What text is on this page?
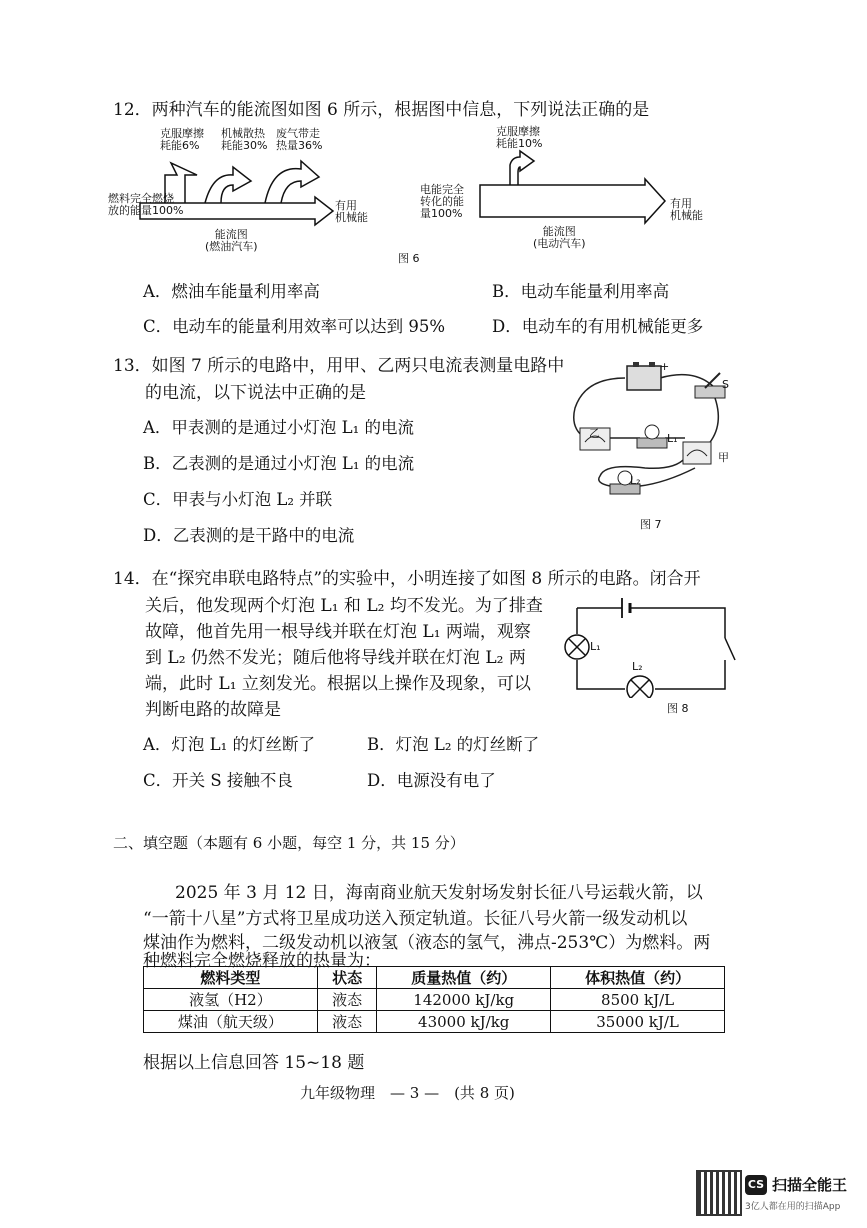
12．两种汽车的能流图如图 6 所示，根据图中信息，下列说法正确的是
克服摩擦
耗能6%
机械散热
耗能30%
废气带走
热量36%
燃料完全燃烧
放的能量100%	有用
机械能
能流图
(燃油汽车)
克服摩擦
耗能10%
电能完全
转化的能
量100%
有用
机械能
能流图
(电动汽车)
图 6
A．燃油车能量利用率高	B．电动车能量利用率高
C．电动车的能量利用效率可以达到 95%	D．电动车的有用机械能更多
13．如图 7 所示的电路中，用甲、乙两只电流表测量电路中
的电流，以下说法中正确的是
A．甲表测的是通过小灯泡 L₁ 的电流
B．乙表测的是通过小灯泡 L₁ 的电流
C．甲表与小灯泡 L₂ 并联
D．乙表测的是干路中的电流
+
S
乙	L₁
甲
L₂
图 7
14．在“探究串联电路特点”的实验中，小明连接了如图 8 所示的电路。闭合开
关后，他发现两个灯泡 L₁ 和 L₂ 均不发光。为了排查
故障，他首先用一根导线并联在灯泡 L₁ 两端，观察
到 L₂ 仍然不发光；随后他将导线并联在灯泡 L₂ 两
端，此时 L₁ 立刻发光。根据以上操作及现象，可以
判断电路的故障是
L₁
L₂
图 8
A．灯泡 L₁ 的灯丝断了	B．灯泡 L₂ 的灯丝断了
C．开关 S 接触不良	D．电源没有电了
二、填空题（本题有 6 小题，每空 1 分，共 15 分）
2025 年 3 月 12 日，海南商业航天发射场发射长征八号运载火箭，以
“一箭十八星”方式将卫星成功送入预定轨道。长征八号火箭一级发动机以
煤油作为燃料，二级发动机以液氢（液态的氢气，沸点-253℃）为燃料。两
种燃料完全燃烧释放的热量为：
燃料类型	状态	质量热值（约）	体积热值（约）
液氢（H2）	液态	142000 kJ/kg	8500 kJ/L
煤油（航天级）	液态	43000 kJ/kg	35000 kJ/L
根据以上信息回答 15~18 题
九年级物理　— 3 —　(共 8 页)
CS 扫描全能王
3亿人都在用的扫描App
